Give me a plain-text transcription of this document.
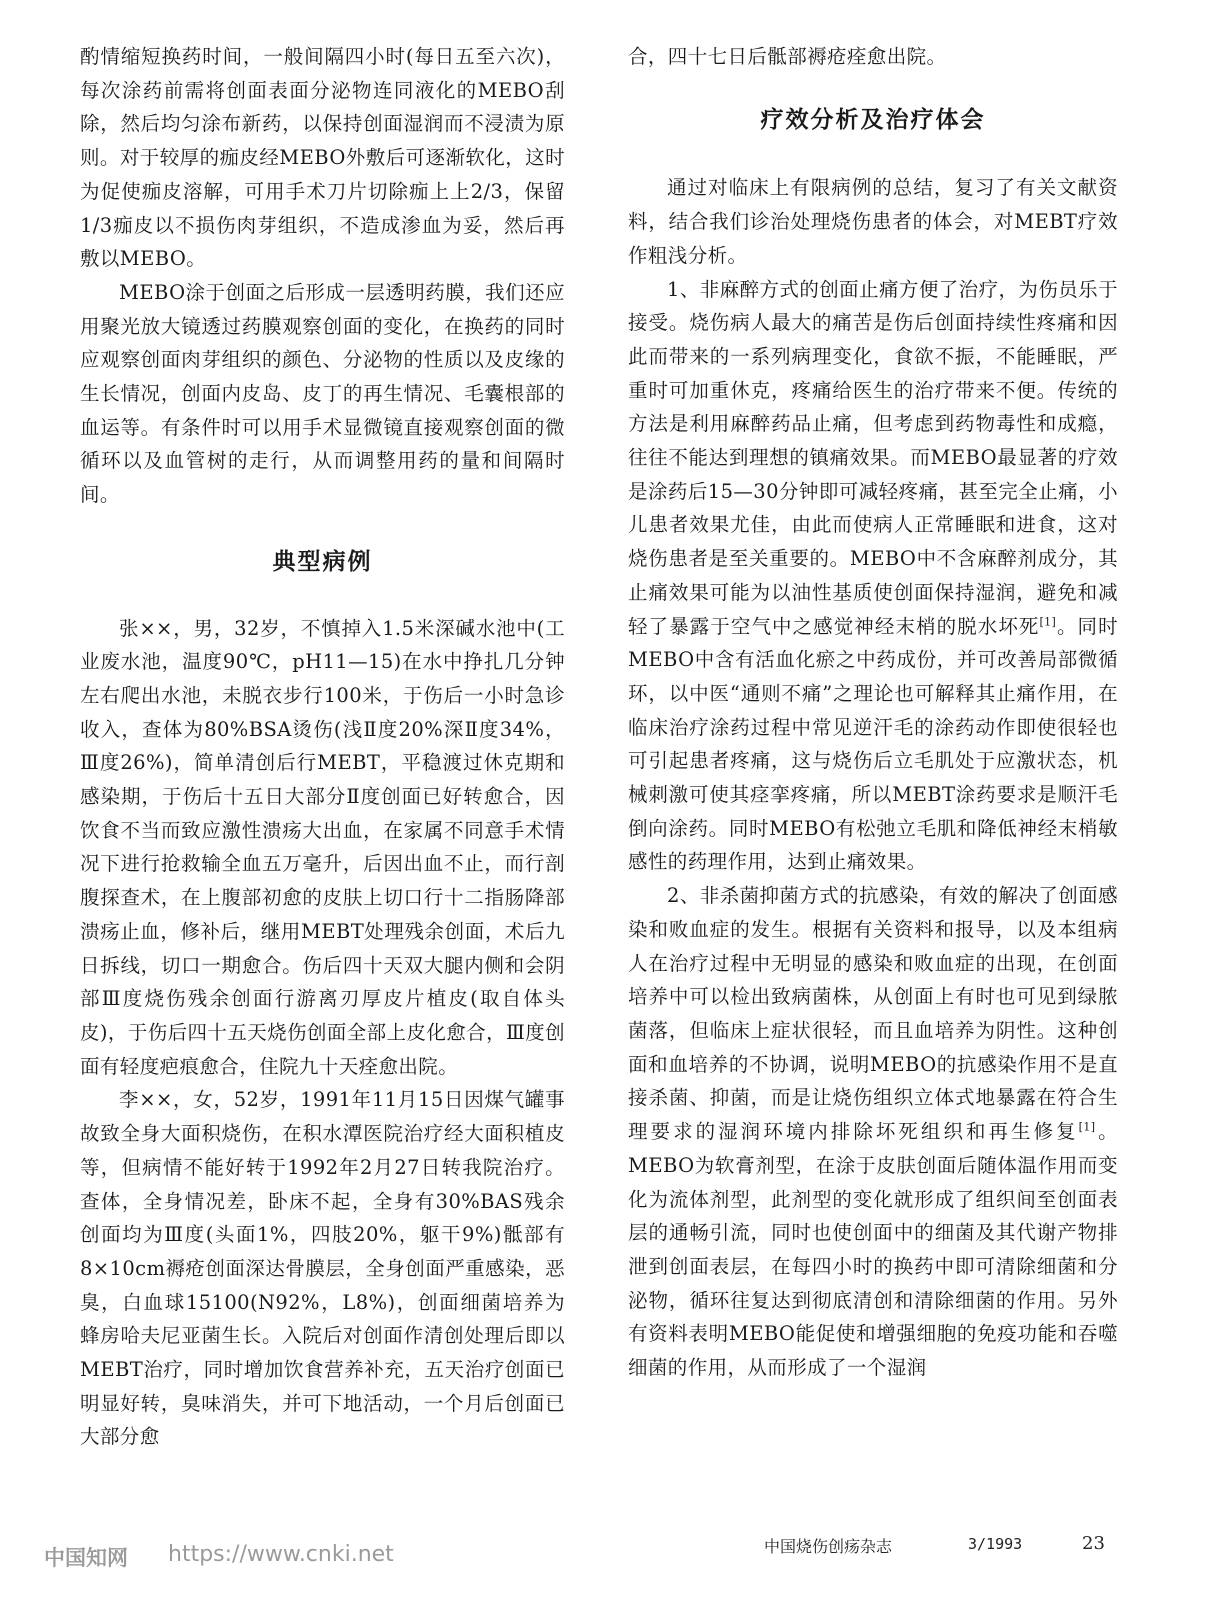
酌情缩短换药时间，一般间隔四小时(每日五至六次)，每次涂药前需将创面表面分泌物连同液化的MEBO刮除，然后均匀涂布新药，以保持创面湿润而不浸渍为原则。对于较厚的痂皮经MEBO外敷后可逐渐软化，这时为促使痂皮溶解，可用手术刀片切除痂上上2/3，保留1/3痂皮以不损伤肉芽组织，不造成渗血为妥，然后再敷以MEBO。

MEBO涂于创面之后形成一层透明药膜，我们还应用聚光放大镜透过药膜观察创面的变化，在换药的同时应观察创面肉芽组织的颜色、分泌物的性质以及皮缘的生长情况，创面内皮岛、皮丁的再生情况、毛囊根部的血运等。有条件时可以用手术显微镜直接观察创面的微循环以及血管树的走行，从而调整用药的量和间隔时间。

典型病例

张××，男，32岁，不慎掉入1.5米深碱水池中(工业废水池，温度90℃，pH11—15)在水中挣扎几分钟左右爬出水池，未脱衣步行100米，于伤后一小时急诊收入，查体为80%BSA烫伤(浅Ⅱ度20%深Ⅱ度34%，Ⅲ度26%)，简单清创后行MEBT，平稳渡过休克期和感染期，于伤后十五日大部分Ⅱ度创面已好转愈合，因饮食不当而致应激性溃疡大出血，在家属不同意手术情况下进行抢救输全血五万毫升，后因出血不止，而行剖腹探查术，在上腹部初愈的皮肤上切口行十二指肠降部溃疡止血，修补后，继用MEBT处理残余创面，术后九日拆线，切口一期愈合。伤后四十天双大腿内侧和会阴部Ⅲ度烧伤残余创面行游离刃厚皮片植皮(取自体头皮)，于伤后四十五天烧伤创面全部上皮化愈合，Ⅲ度创面有轻度疤痕愈合，住院九十天痊愈出院。

李××，女，52岁，1991年11月15日因煤气罐事故致全身大面积烧伤，在积水潭医院治疗经大面积植皮等，但病情不能好转于1992年2月27日转我院治疗。查体，全身情况差，卧床不起，全身有30%BAS残余创面均为Ⅲ度(头面1%，四肢20%，躯干9%)骶部有8×10cm褥疮创面深达骨膜层，全身创面严重感染，恶臭，白血球15100(N92%，L8%)，创面细菌培养为蜂房哈夫尼亚菌生长。入院后对创面作清创处理后即以MEBT治疗，同时增加饮食营养补充，五天治疗创面已明显好转，臭味消失，并可下地活动，一个月后创面已大部分愈

合，四十七日后骶部褥疮痊愈出院。

疗效分析及治疗体会

通过对临床上有限病例的总结，复习了有关文献资料，结合我们诊治处理烧伤患者的体会，对MEBT疗效作粗浅分析。

1、非麻醉方式的创面止痛方便了治疗，为伤员乐于接受。烧伤病人最大的痛苦是伤后创面持续性疼痛和因此而带来的一系列病理变化，食欲不振，不能睡眠，严重时可加重休克，疼痛给医生的治疗带来不便。传统的方法是利用麻醉药品止痛，但考虑到药物毒性和成瘾，往往不能达到理想的镇痛效果。而MEBO最显著的疗效是涂药后15—30分钟即可减轻疼痛，甚至完全止痛，小儿患者效果尤佳，由此而使病人正常睡眠和进食，这对烧伤患者是至关重要的。MEBO中不含麻醉剂成分，其止痛效果可能为以油性基质使创面保持湿润，避免和减轻了暴露于空气中之感觉神经末梢的脱水坏死[1]。同时MEBO中含有活血化瘀之中药成份，并可改善局部微循环，以中医“通则不痛”之理论也可解释其止痛作用，在临床治疗涂药过程中常见逆汗毛的涂药动作即使很轻也可引起患者疼痛，这与烧伤后立毛肌处于应激状态，机械刺激可使其痉挛疼痛，所以MEBT涂药要求是顺汗毛倒向涂药。同时MEBO有松弛立毛肌和降低神经末梢敏感性的药理作用，达到止痛效果。

2、非杀菌抑菌方式的抗感染，有效的解决了创面感染和败血症的发生。根据有关资料和报导，以及本组病人在治疗过程中无明显的感染和败血症的出现，在创面培养中可以检出致病菌株，从创面上有时也可见到绿脓菌落，但临床上症状很轻，而且血培养为阴性。这种创面和血培养的不协调，说明MEBO的抗感染作用不是直接杀菌、抑菌，而是让烧伤组织立体式地暴露在符合生理要求的湿润环境内排除坏死组织和再生修复[1]。MEBO为软膏剂型，在涂于皮肤创面后随体温作用而变化为流体剂型，此剂型的变化就形成了组织间至创面表层的通畅引流，同时也使创面中的细菌及其代谢产物排泄到创面表层，在每四小时的换药中即可清除细菌和分泌物，循环往复达到彻底清创和清除细菌的作用。另外有资料表明MEBO能促使和增强细胞的免疫功能和吞噬细菌的作用，从而形成了一个湿润

中国知网 https://www.cnki.net	中国烧伤创疡杂志	3/1993	23
